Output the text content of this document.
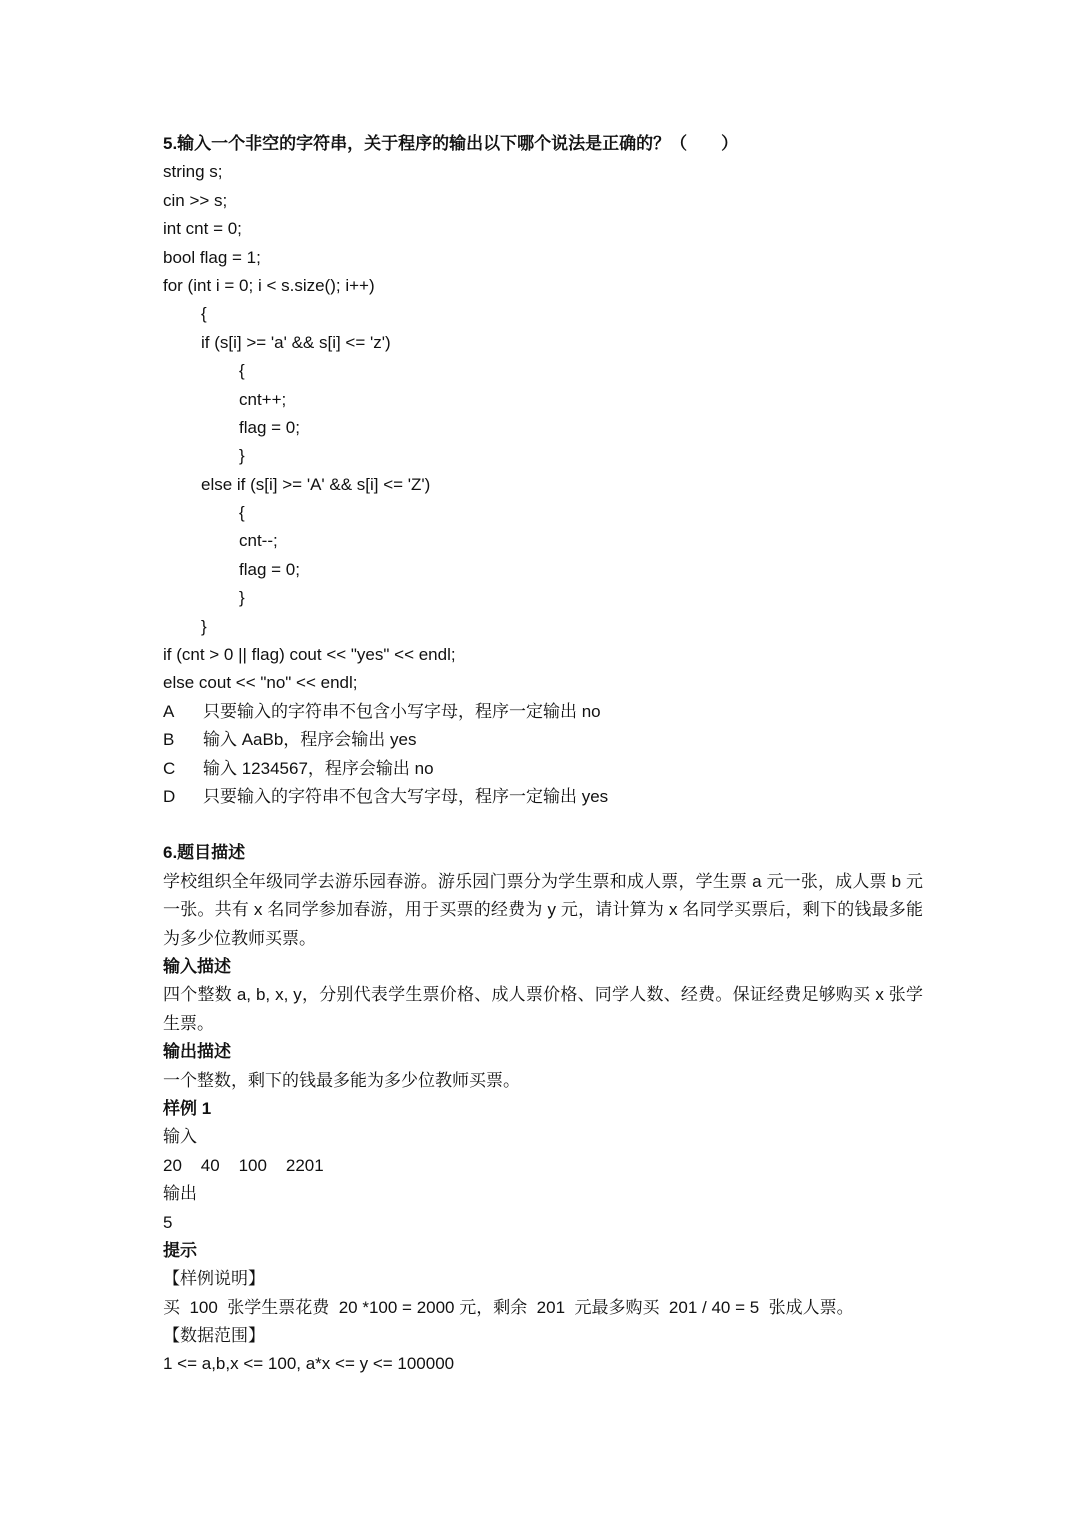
5.输入一个非空的字符串，关于程序的输出以下哪个说法是正确的？（　　）
string s;
cin >> s;
int cnt = 0;
bool flag = 1;
for (int i = 0; i < s.size(); i++)
{
if (s[i] >= 'a' && s[i] <= 'z')
{
cnt++;
flag = 0;
}
else if (s[i] >= 'A' && s[i] <= 'Z')
{
cnt--;
flag = 0;
}
}
if (cnt > 0 || flag) cout << "yes" << endl;
else cout << "no" << endl;
A	只要输入的字符串不包含小写字母，程序一定输出 no
B	输入 AaBb，程序会输出 yes
C	输入 1234567，程序会输出 no
D	只要输入的字符串不包含大写字母，程序一定输出 yes
6.题目描述
学校组织全年级同学去游乐园春游。游乐园门票分为学生票和成人票，学生票 a 元一张，成人票 b 元一张。共有 x 名同学参加春游，用于买票的经费为 y 元，请计算为 x 名同学买票后，剩下的钱最多能为多少位教师买票。
输入描述
四个整数 a, b, x, y，分别代表学生票价格、成人票价格、同学人数、经费。保证经费足够购买 x 张学生票。
输出描述
一个整数，剩下的钱最多能为多少位教师买票。
样例 1
输入
20    40    100    2201
输出
5
提示
【样例说明】
买  100  张学生票花费  20 *100 = 2000 元，剩余  201  元最多购买  201 / 40 = 5  张成人票。
【数据范围】
1 <= a,b,x <= 100, a*x <= y <= 100000
